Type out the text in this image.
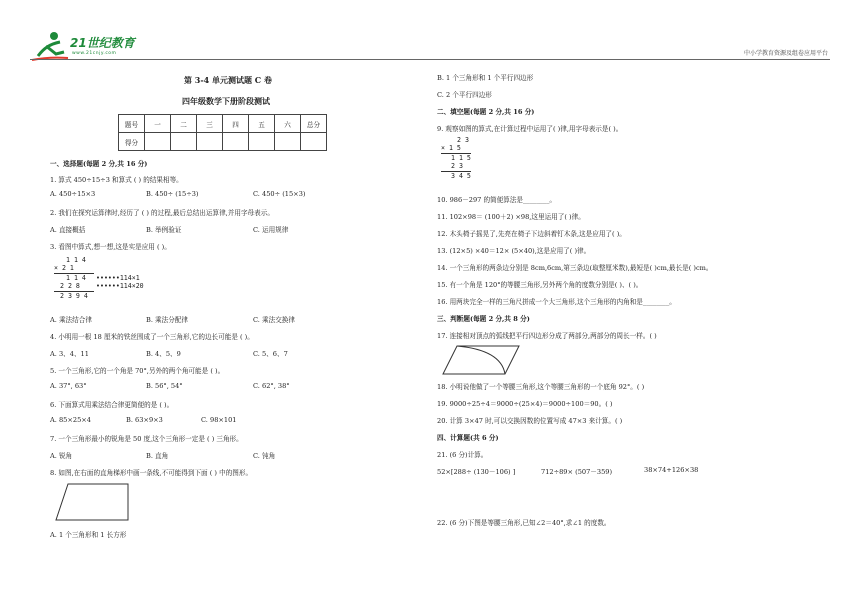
21世纪教育
www.21cnjy.com	中小学教育资源及组卷应用平台
第 3-4 单元测试题 C 卷
四年级数学下册阶段测试
题号	一	二	三	四	五	六	总分
得分							
一、选择题(每题 2 分,共 16 分)
1. 算式 450÷15÷3 和算式 ( ) 的结果相等。
A. 450÷15×3	B. 450÷ (15÷3)	C. 450÷ (15×3)
2. 我们在探究运算律时,经历了 ( ) 的过程,最后总结出运算律,并用字母表示。
A. 直接概括	B. 举例验证	C. 运用规律
3. 看图中算式,想一想,这是实是应用 ( )。
1 1 4
× 2 1
1 1 4 ••••••114×1
2 2 8 ••••••114×20
2 3 9 4
A. 乘法结合律	B. 乘法分配律	C. 乘法交换律
4. 小明用一根 18 厘米的铁丝围成了一个三角形,它的边长可能是 ( )。
A. 3、4、11	B. 4、5、9	C. 5、6、7
5. 一个三角形,它的一个角是 70°,另外的两个角可能是 ( )。
A. 37°, 63°	B. 56°, 54°	C. 62°, 38°
6. 下面算式用乘法结合律更简便的是 ( )。
A. 85×25×4	B. 63×9×3	C. 98×101
7. 一个三角形最小的锐角是 50 度,这个三角形一定是 ( ) 三角形。
A. 锐角	B. 直角	C. 钝角
8. 如图,在右面的直角梯形中画一条线,不可能得到下面 ( ) 中的图形。
A. 1 个三角形和 1 长方形
B. 1 个三角形和 1 个平行四边形
C. 2 个平行四边形
二、填空题(每题 2 分,共 16 分)
9. 观察如图的算式,在计算过程中运用了( )律,用字母表示是( )。
2 3
× 1 5
1 1 5
2 3
3 4 5
10. 986－297 的简便算法是________。
11. 102×98＝ (100＋2) ×98,这里运用了( )律。
12. 木头椅子摇晃了,先亮在椅子下边斜着钉木条,这是应用了( )。
13. (12×5) ×40＝12× (5×40),这是应用了( )律。
14. 一个三角形的两条边分别是 8cm,6cm,第三条边(取整厘米数),最短是( )cm,最长是( )cm。
15. 有一个角是 120°的等腰三角形,另外两个角的度数分别是( )、( )。
16. 用两块完全一样的三角尺拼成一个大三角形,这个三角形的内角和是________。
三、判断题(每题 2 分,共 8 分)
17. 连接相对顶点的弧线把平行四边形分成了两部分,两部分的周长一样。( )
18. 小明说他做了一个等腰三角形,这个等腰三角形的一个底角 92°。( )
19. 9000÷25÷4＝9000÷(25×4)＝9000÷100＝90。( )
20. 计算 3×47 时,可以交换因数的位置写成 47×3 来计算。( )
四、计算题(共 6 分)
21. (6 分)计算。
52×[288÷ (130－106) ]	712÷89× (507－359)	38×74+126×38
22. (6 分)下图是等腰三角形,已知∠2＝40°,求∠1 的度数。
